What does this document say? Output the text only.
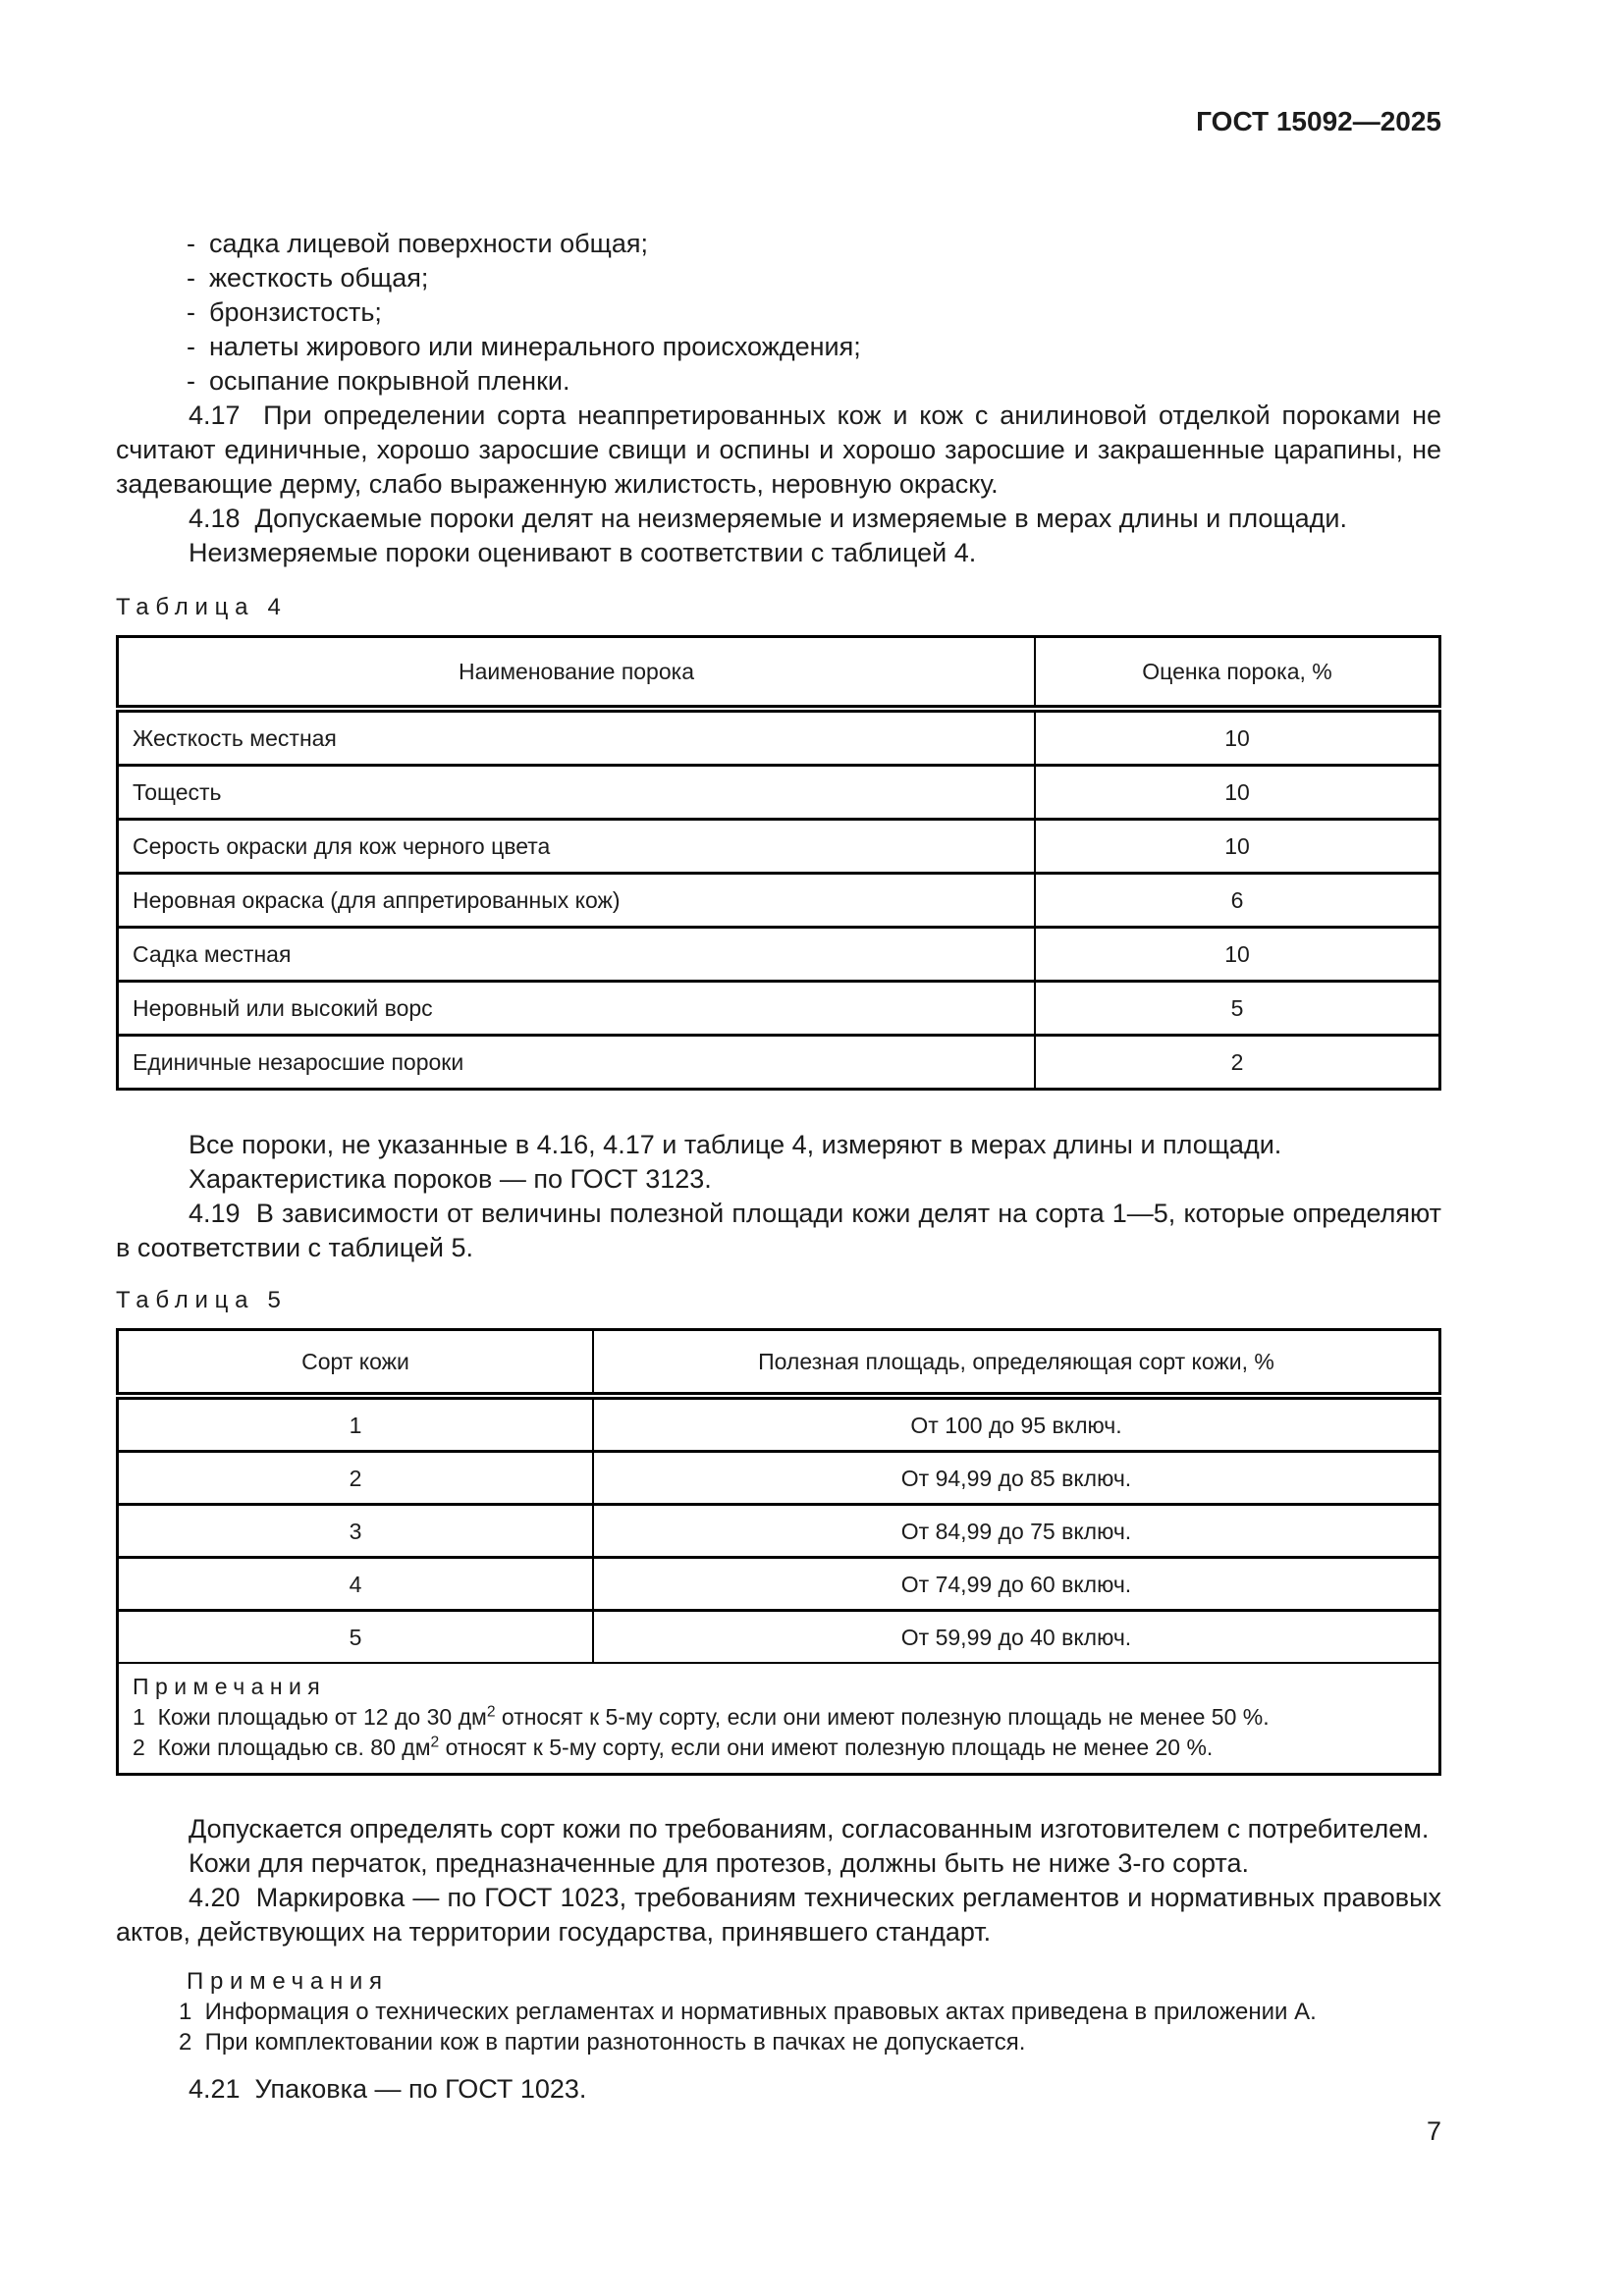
ГОСТ 15092—2025

- садка лицевой поверхности общая;

- жесткость общая;

- бронзистость;

- налеты жирового или минерального происхождения;

- осыпание покрывной пленки.

4.17  При определении сорта неаппретированных кож и кож с анилиновой отделкой пороками не считают единичные, хорошо заросшие свищи и оспины и хорошо заросшие и закрашенные царапины, не задевающие дерму, слабо выраженную жилистость, неровную окраску.

4.18  Допускаемые пороки делят на неизмеряемые и измеряемые в мерах длины и площади.

Неизмеряемые пороки оценивают в соответствии с таблицей 4.

Таблица 4
Наименование порока	Оценка порока, %
Жесткость местная	10
Тощесть	10
Серость окраски для кож черного цвета	10
Неровная окраска (для аппретированных кож)	6
Садка местная	10
Неровный или высокий ворс	5
Единичные незаросшие пороки	2

Все пороки, не указанные в 4.16, 4.17 и таблице 4, измеряют в мерах длины и площади.

Характеристика пороков — по ГОСТ 3123.

4.19  В зависимости от величины полезной площади кожи делят на сорта 1—5, которые определяют в соответствии с таблицей 5.

Таблица 5
Сорт кожи	Полезная площадь, определяющая сорт кожи, %
1	От 100 до 95 включ.
2	От 94,99 до 85 включ.
3	От 84,99 до 75 включ.
4	От 74,99 до 60 включ.
5	От 59,99 до 40 включ.

Примечания
1  Кожи площадью от 12 до 30 $дм^2$ относят к 5-му сорту, если они имеют полезную площадь не менее 50 %.
2  Кожи площадью св. 80 $дм^2$ относят к 5-му сорту, если они имеют полезную площадь не менее 20 %.	

Допускается определять сорт кожи по требованиям, согласованным изготовителем с потребителем.

Кожи для перчаток, предназначенные для протезов, должны быть не ниже 3-го сорта.

4.20  Маркировка — по ГОСТ 1023, требованиям технических регламентов и нормативных правовых актов, действующих на территории государства, принявшего стандарт.

Примечания

1  Информация о технических регламентах и нормативных правовых актах приведена в приложении А.

2  При комплектовании кож в партии разнотонность в пачках не допускается.

4.21  Упаковка — по ГОСТ 1023.

7
